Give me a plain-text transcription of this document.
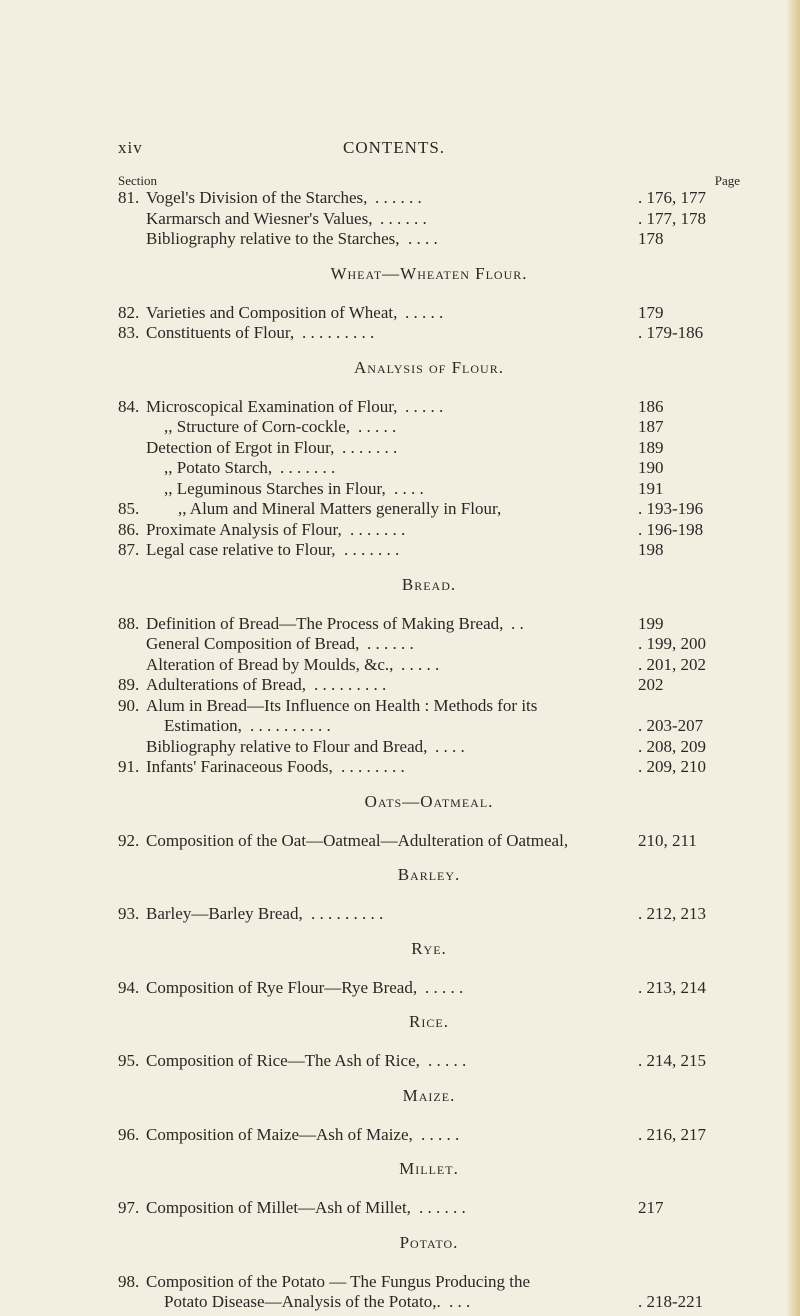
xiv	CONTENTS.
Section	Page
81. Vogel's Division of the Starches, . . . . . .	. 176, 177
Karmarsch and Wiesner's Values, . . . . . .	. 177, 178
Bibliography relative to the Starches, . . . .	178
Wheat—Wheaten Flour.
82. Varieties and Composition of Wheat, . . . . .	179
83. Constituents of Flour, . . . . . . . . .	. 179-186
Analysis of Flour.
84. Microscopical Examination of Flour, . . . . .	186
,, Structure of Corn-cockle, . . . . .	187
Detection of Ergot in Flour, . . . . . . .	189
,, Potato Starch, . . . . . . .	190
,, Leguminous Starches in Flour, . . . .	191
85. ,, Alum and Mineral Matters generally in Flour,	. 193-196
86. Proximate Analysis of Flour, . . . . . . .	. 196-198
87. Legal case relative to Flour, . . . . . . .	198
Bread.
88. Definition of Bread—The Process of Making Bread, . .	199
General Composition of Bread, . . . . . .	. 199, 200
Alteration of Bread by Moulds, &c., . . . . .	. 201, 202
89. Adulterations of Bread, . . . . . . . . .	202
90. Alum in Bread—Its Influence on Health : Methods for its
Estimation, . . . . . . . . . .	. 203-207
Bibliography relative to Flour and Bread, . . . .	. 208, 209
91. Infants' Farinaceous Foods, . . . . . . . .	. 209, 210
Oats—Oatmeal.
92. Composition of the Oat—Oatmeal—Adulteration of Oatmeal,	210, 211
Barley.
93. Barley—Barley Bread, . . . . . . . . .	. 212, 213
Rye.
94. Composition of Rye Flour—Rye Bread, . . . . .	. 213, 214
Rice.
95. Composition of Rice—The Ash of Rice, . . . . .	. 214, 215
Maize.
96. Composition of Maize—Ash of Maize, . . . . .	. 216, 217
Millet.
97. Composition of Millet—Ash of Millet, . . . . . .	217
Potato.
98. Composition of the Potato — The Fungus Producing the
Potato Disease—Analysis of the Potato,. . . .	. 218-221
